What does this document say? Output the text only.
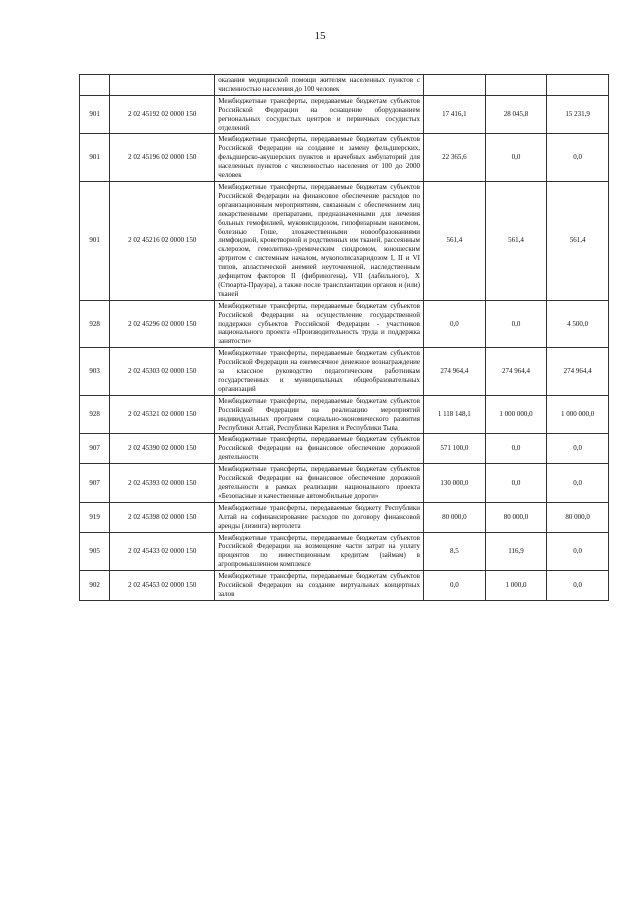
15
		оказания медицинской помощи жителям населенных пунктов с численностью населения до 100 человек			
901	2 02 45192 02 0000 150	Межбюджетные трансферты, передаваемые бюджетам субъектов Российской Федерации на оснащение оборудованием региональных сосудистых центров и первичных сосудистых отделений	17 416,1	28 045,8	15 231,9
901	2 02 45196 02 0000 150	Межбюджетные трансферты, передаваемые бюджетам субъектов Российской Федерации на создание и замену фельдшерских, фельдшерско-акушерских пунктов и врачебных амбулаторий для населенных пунктов с численностью населения от 100 до 2000 человек	22 365,6	0,0	0,0
901	2 02 45216 02 0000 150	Межбюджетные трансферты, передаваемые бюджетам субъектов Российской Федерации на финансовое обеспечение расходов по организационным мероприятиям, связанным с обеспечением лиц лекарственными препаратами, предназначенными для лечения больных гемофилией, муковисцидозом, гипофизарным нанизмом, болезнью Гоше, злокачественными новообразованиями лимфоидной, кроветворной и родственных им тканей, рассеянным склерозом, гемолитико-уремическим синдромом, юношеским артритом с системным началом, мукополисахаридозом I, II и VI типов, апластической анемией неуточненной, наследственным дефицитом факторов II (фибриногена), VII (лабильного), X (Стюарта-Прауэра), а также после трансплантации органов и (или) тканей	561,4	561,4	561,4
928	2 02 45296 02 0000 150	Межбюджетные трансферты, передаваемые бюджетам субъектов Российской Федерации на осуществление государственной поддержки субъектов Российской Федерации - участников национального проекта «Производительность труда и поддержка занятости»	0,0	0,0	4 500,0
903	2 02 45303 02 0000 150	Межбюджетные трансферты, передаваемые бюджетам субъектов Российской Федерации на ежемесячное денежное вознаграждение за классное руководство педагогическим работникам государственных и муниципальных общеобразовательных организаций	274 964,4	274 964,4	274 964,4
928	2 02 45321 02 0000 150	Межбюджетные трансферты, передаваемые бюджетам субъектов Российской Федерации на реализацию мероприятий индивидуальных программ социально-экономического развития Республики Алтай, Республики Карелия и Республики Тыва	1 118 148,1	1 000 000,0	1 000 000,0
907	2 02 45390 02 0000 150	Межбюджетные трансферты, передаваемые бюджетам субъектов Российской Федерации на финансовое обеспечение дорожной деятельности	571 100,0	0,0	0,0
907	2 02 45393 02 0000 150	Межбюджетные трансферты, передаваемые бюджетам субъектов Российской Федерации на финансовое обеспечение дорожной деятельности в рамках реализации национального проекта «Безопасные и качественные автомобильные дороги»	130 000,0	0,0	0,0
919	2 02 45398 02 0000 150	Межбюджетные трансферты, передаваемые бюджету Республики Алтай на софинансирование расходов по договору финансовой аренды (лизинга) вертолета	80 000,0	80 000,0	80 000,0
905	2 02 45433 02 0000 150	Межбюджетные трансферты, передаваемые бюджетам субъектов Российской Федерации на возмещение части затрат на уплату процентов по инвестиционным кредитам (займам) в агропромышленном комплексе	8,5	116,9	0,0
902	2 02 45453 02 0000 150	Межбюджетные трансферты, передаваемые бюджетам субъектов Российской Федерации на создание виртуальных концертных залов	0,0	1 000,0	0,0
